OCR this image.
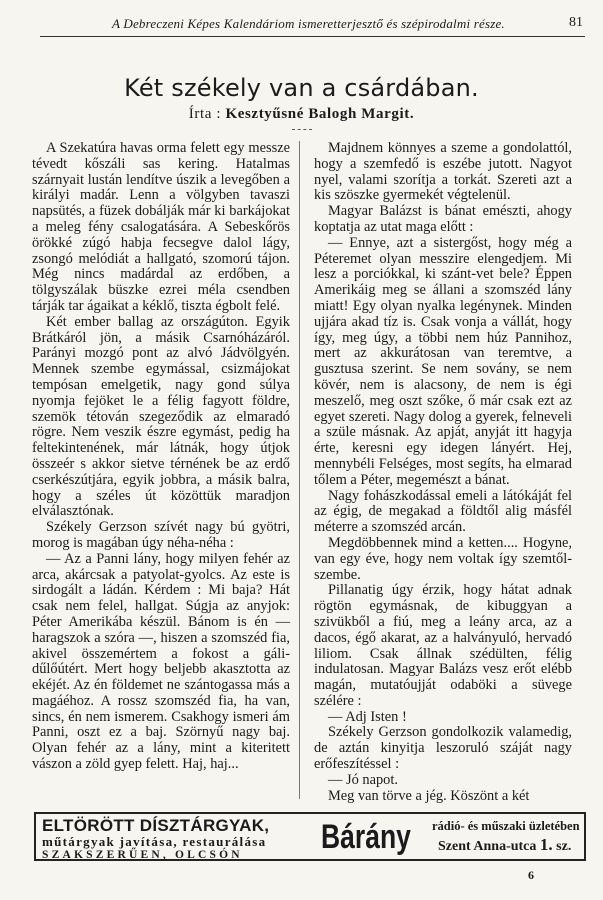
A Debreczeni Képes Kalendáriom ismeretterjesztő és szépirodalmi része.	81
Két székely van a csárdában.
Írta : Kesztyűsné Balogh Margit.

A Szekatúra havas orma felett egy messze tévedt kőszáli sas kering. Hatalmas szárnyait lustán lendítve úszik a levegőben a királyi madár. Lenn a völgyben tavaszi napsütés, a füzek dobálják már ki barkájokat a meleg fény csalogatására. A Sebeskőrös örökké zúgó habja fecsegve dalol lágy, zsongó melódiát a hallgató, szomorú tájon. Még nincs madárdal az erdőben, a tölgyszálak büszke ezrei méla csendben tárják tar ágaikat a kéklő, tiszta égbolt felé.

Két ember ballag az országúton. Egyik Brátkáról jön, a másik Csarnóházáról. Parányi mozgó pont az alvó Jádvölgyén. Mennek szembe egymással, csizmájokat tempósan emelgetik, nagy gond súlya nyomja fejöket le a félig fagyott földre, szemök tétován szegeződik az elmaradó rögre. Nem veszik észre egymást, pedig ha feltekintenének, már látnák, hogy útjok összeér s akkor sietve térnének be az erdő cserkészútjára, egyik jobbra, a másik balra, hogy a széles út közöttük maradjon elválasztónak.

Székely Gerzson szívét nagy bú gyötri, morog is magában úgy néha-néha :

— Az a Panni lány, hogy milyen fehér az arca, akárcsak a patyolat-gyolcs. Az este is sirdogált a ládán. Kérdem : Mi baja? Hát csak nem felel, hallgat. Súgja az anyjok: Péter Amerikába készül. Bánom is én — haragszok a szóra —, hiszen a szomszéd fia, akivel összemértem a fokost a gáli-dűlőútért. Mert hogy beljebb akasztotta az ekéjét. Az én földemet ne szántogassa más a magáéhoz. A rossz szomszéd fia, ha van, sincs, én nem ismerem. Csakhogy ismeri ám Panni, oszt ez a baj. Szörnyű nagy baj. Olyan fehér az a lány, mint a kiteritett vászon a zöld gyep felett. Haj, haj...

Majdnem könnyes a szeme a gondolattól, hogy a szemfedő is eszébe jutott. Nagyot nyel, valami szorítja a torkát. Szereti azt a kis szöszke gyermekét végtelenül.

Magyar Balázst is bánat emészti, ahogy koptatja az utat maga előtt :

— Ennye, azt a sistergőst, hogy még a Péteremet olyan messzire elengedjem. Mi lesz a porciókkal, ki szánt-vet bele? Éppen Amerikáig meg se állani a szomszéd lány miatt! Egy olyan nyalka legénynek. Minden ujjára akad tíz is. Csak vonja a vállát, hogy így, meg úgy, a többi nem húz Pannihoz, mert az akkurátosan van teremtve, a gusztusa szerint. Se nem sovány, se nem kövér, nem is alacsony, de nem is égi meszelő, meg oszt szőke, ő már csak ezt az egyet szereti. Nagy dolog a gyerek, felneveli a szüle másnak. Az apját, anyját itt hagyja érte, keresni egy idegen lányért. Hej, mennybéli Felséges, most segíts, ha elmarad tőlem a Péter, megemészt a bánat.

Nagy fohászkodással emeli a látókáját fel az égig, de megakad a földtől alig másfél méterre a szomszéd arcán.

Megdöbbennek mind a ketten.... Hogyne, van egy éve, hogy nem voltak így szemtől-szembe.

Pillanatig úgy érzik, hogy hátat adnak rögtön egymásnak, de kibuggyan a szivükből a fiú, meg a leány arca, az a dacos, égő akarat, az a halványuló, hervadó liliom. Csak állnak szédülten, félig indulatosan. Magyar Balázs vesz erőt elébb magán, mutatóujját odaböki a süvege szélére :

— Adj Isten !

Székely Gerzson gondolkozik valamedig, de aztán kinyitja leszoruló száját nagy erőfeszítéssel :

— Jó napot.

Meg van törve a jég. Köszönt a két

ELTÖRÖTT DÍSZTÁRGYAK,
műtárgyak javítása, restaurálása
SZAKSZERŰEN, OLCSÓN	Bárány rádió- és műszaki üzletében
Szent Anna-utca 1. sz.
6
